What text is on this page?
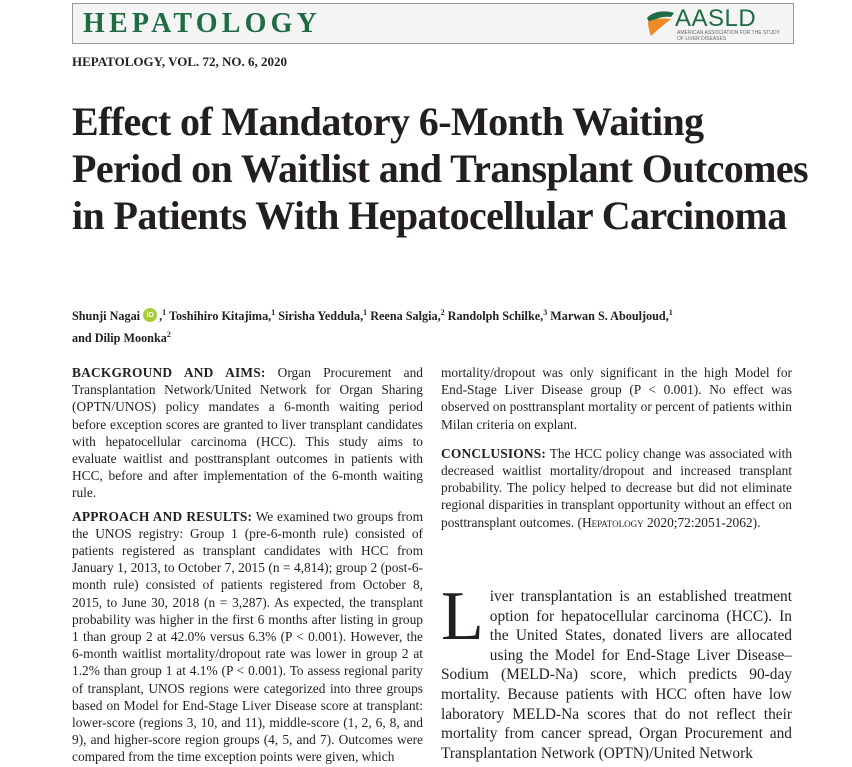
HEPATOLOGY	AASLD
AMERICAN ASSOCIATION FOR THE STUDY OF LIVER DISEASES
HEPATOLOGY, VOL. 72, NO. 6, 2020
Effect of Mandatory 6-Month Waiting Period on Waitlist and Transplant Outcomes in Patients With Hepatocellular Carcinoma
Shunji Nagai iD ,$^1$ Toshihiro Kitajima,$^1$ Sirisha Yeddula,$^1$ Reena Salgia,$^2$ Randolph Schilke,$^3$ Marwan S. Abouljoud,$^1$
and Dilip Moonka$^2$

BACKGROUND AND AIMS: Organ Procurement and Transplantation Network/United Network for Organ Sharing (OPTN/UNOS) policy mandates a 6-month waiting period before exception scores are granted to liver transplant candidates with hepatocellular carcinoma (HCC). This study aims to evaluate waitlist and posttransplant outcomes in patients with HCC, before and after implementation of the 6-month waiting rule.

APPROACH AND RESULTS: We examined two groups from the UNOS registry: Group 1 (pre-6-month rule) consisted of patients registered as transplant candidates with HCC from January 1, 2013, to October 7, 2015 (n = 4,814); group 2 (post-6-month rule) consisted of patients registered from October 8, 2015, to June 30, 2018 (n = 3,287). As expected, the transplant probability was higher in the first 6 months after listing in group 1 than group 2 at 42.0% versus 6.3% (P < 0.001). However, the 6-month waitlist mortality/dropout rate was lower in group 2 at 1.2% than group 1 at 4.1% (P < 0.001). To assess regional parity of transplant, UNOS regions were categorized into three groups based on Model for End-Stage Liver Disease score at transplant: lower-score (regions 3, 10, and 11), middle-score (1, 2, 6, 8, and 9), and higher-score region groups (4, 5, and 7). Outcomes were compared from the time exception points were given, which

mortality/dropout was only significant in the high Model for End-Stage Liver Disease group (P < 0.001). No effect was observed on posttransplant mortality or percent of patients within Milan criteria on explant.

CONCLUSIONS: The HCC policy change was associated with decreased waitlist mortality/dropout and increased transplant probability. The policy helped to decrease but did not eliminate regional disparities in transplant opportunity without an effect on posttransplant outcomes. (Hepatology 2020;72:2051-2062).

L iver transplantation is an established treatment option for hepatocellular carcinoma (HCC). In the United States, donated livers are allocated using the Model for End-Stage Liver Disease–Sodium (MELD-Na) score, which predicts 90-day mortality. Because patients with HCC often have low laboratory MELD-Na scores that do not reflect their mortality from cancer spread, Organ Procurement and Transplantation Network (OPTN)/United Network
